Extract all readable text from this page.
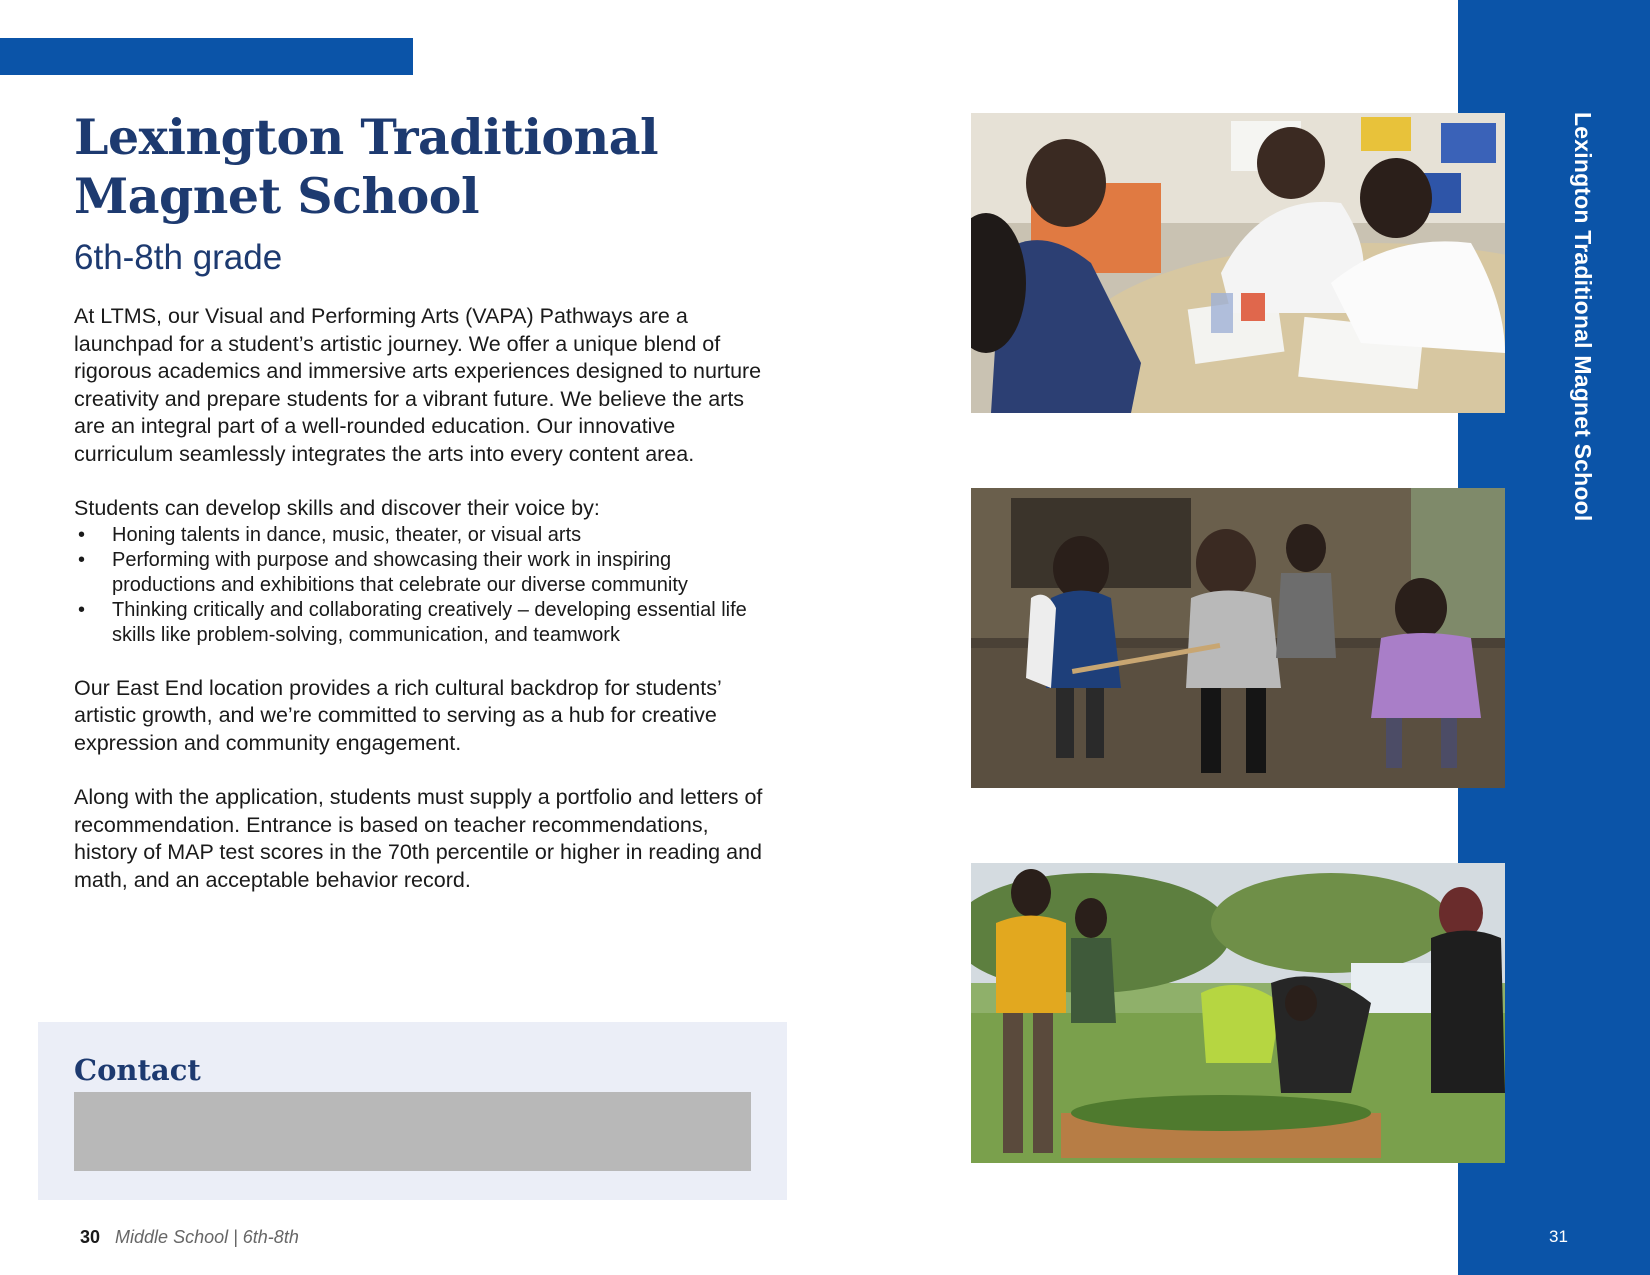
Lexington Traditional Magnet School
Lexington Traditional Magnet School
6th-8th grade

At LTMS, our Visual and Performing Arts (VAPA) Pathways are a launchpad for a student’s artistic journey. We offer a unique blend of rigorous academics and immersive arts experiences designed to nurture creativity and prepare students for a vibrant future. We believe the arts are an integral part of a well-rounded education. Our innovative curriculum seamlessly integrates the arts into every content area.

Students can develop skills and discover their voice by:

• Honing talents in dance, music, theater, or visual arts
• Performing with purpose and showcasing their work in inspiring productions and exhibitions that celebrate our diverse community
• Thinking critically and collaborating creatively – developing essential life skills like problem-solving, communication, and teamwork

Our East End location provides a rich cultural backdrop for students’ artistic growth, and we’re committed to serving as a hub for creative expression and community engagement.

Along with the application, students must supply a portfolio and letters of recommendation. Entrance is based on teacher recommendations, history of MAP test scores in the 70th percentile or higher in reading and math, and an acceptable behavior record.

Contact
30 Middle School | 6th-8th	31
